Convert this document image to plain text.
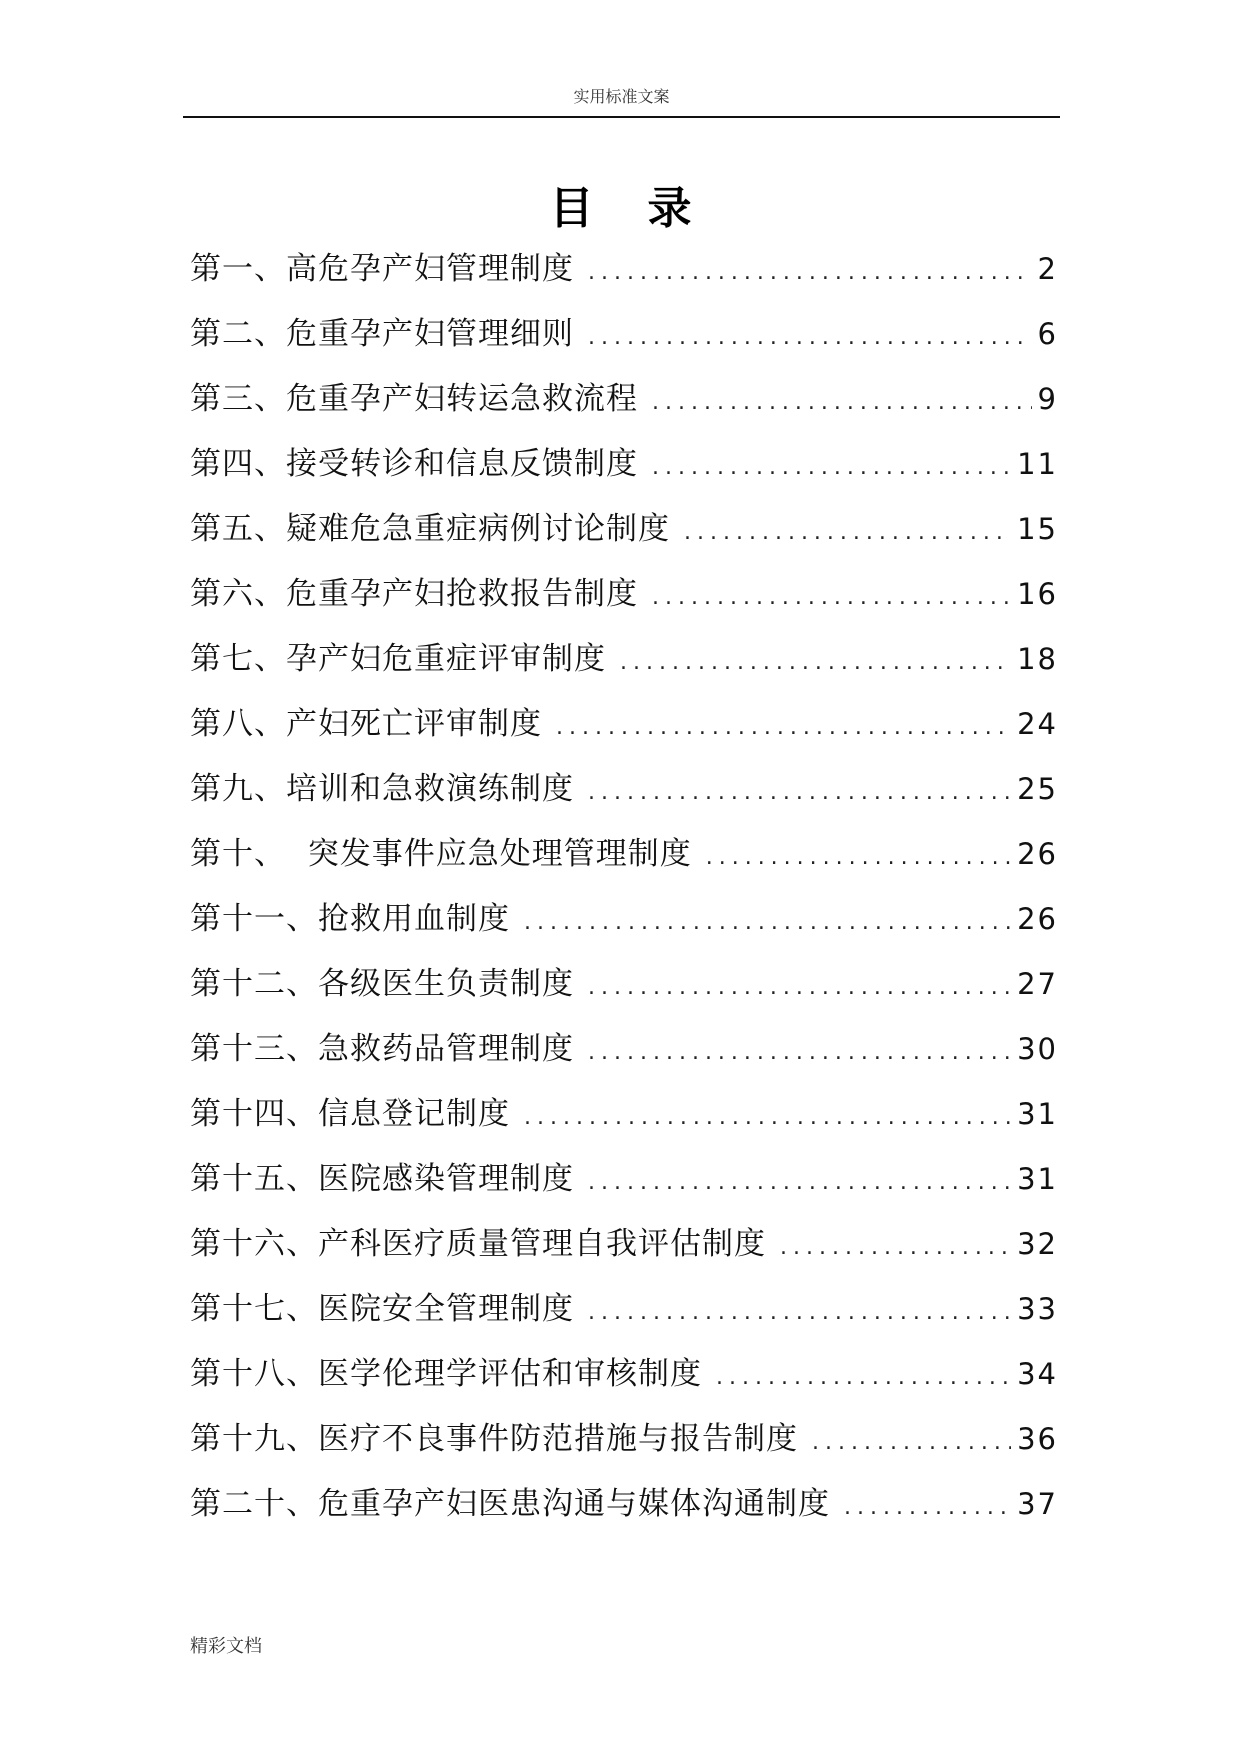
实用标准文案
目录
第一、高危孕产妇管理制度 .....	2
第二、危重孕产妇管理细则 .....	6
第三、危重孕产妇转运急救流程 .....	9
第四、接受转诊和信息反馈制度 .....	11
第五、疑难危急重症病例讨论制度 .....	15
第六、危重孕产妇抢救报告制度 .....	16
第七、孕产妇危重症评审制度 .....	18
第八、产妇死亡评审制度 .....	24
第九、培训和急救演练制度 .....	25
第十、  突发事件应急处理管理制度 .....	26
第十一、抢救用血制度 .....	26
第十二、各级医生负责制度 .....	27
第十三、急救药品管理制度 .....	30
第十四、信息登记制度 .....	31
第十五、医院感染管理制度 .....	31
第十六、产科医疗质量管理自我评估制度 .....	32
第十七、医院安全管理制度 .....	33
第十八、医学伦理学评估和审核制度 .....	34
第十九、医疗不良事件防范措施与报告制度 .....	36
第二十、危重孕产妇医患沟通与媒体沟通制度 .....	37
精彩文档
